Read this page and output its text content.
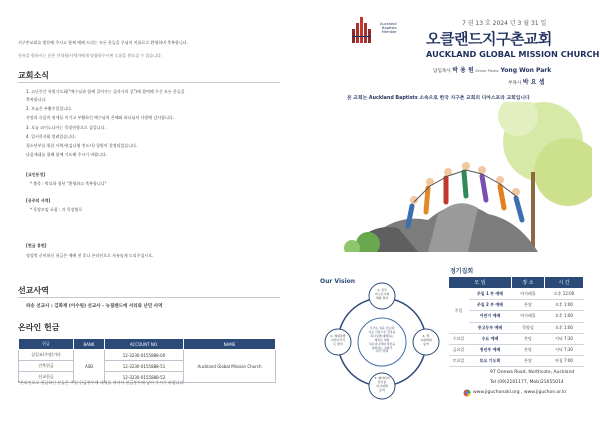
지구촌교회를 방문해 주시고 함께 예배 드리는 모든 분들을 주님의 이름으로 환영하며 축복합니다.
등록을 원하시는 분은 안내원/사역자에게 말씀하주시면 도움을 받으실 수 있습니다.
교회소식
1. 고난주간 특별기도회("예수님과 함께 걸어가는 십자가의 길")에 참여해 주신 모든 분들을
축복합니다.
2. 오늘은 부활주일입니다.
사망과 죽음의 권세를 이기고 부활하신 예수님의 은혜와 하나님의 사랑에 감사합니다.
3. 오늘 코이노니아는 목장연합으로 섬깁니다.
4. 입시목자회 열려있습니다.
청소년부를 위한 사역자(김나영 전도사) 청빙이 결정되었습니다.
다음세대를 위해 함께 기도해 주시기 바랍니다.
[교인동정]
* 출목 : 박요하 청년 "환영하고 축복합니다"
[공주의 사역]
* 목장모임 포함 : 각 목장별로
[헌금 봉헌]
정성껏 준비하신 헌금은 예배 전 후나 온라인으로 자유롭게 드리주십시오.
선교사역
파송 선교사 : 김화재 (이수원) 선교사 - 뉴질랜드에 서리와 난민 사역
온라인 헌금
헌금	BANK	ACCOUNT NO.	NAME
십일조/주정/기타	ASB	12-3230-0155888-00	Auckland Global Mission Church
건축헌금		12-3230-0155888-51	
선교헌금		12-3230-0155888-52	
*온라인으로 헌금하신 분들은 주일 헌금봉투에 내역을 적어서 헌금봉투에 넣어 주시기 바랍니다.
7 권 13 호 2024 년 3 월 31 일
Auckland
Baptists
Member 오클랜드지구촌교회
AUCKLAND GLOBAL MISSION CHURCH
담임목사 박 용 원 Senior Pastor Yong Won Park
부목사 박 요 셉
본 교회는 Auckland Baptists 소속으로 한국 지구촌 교회의 디아스포라 교회입니다
Our Vision
1. 전국
지구촌교회
체험 참여
2. 세대통합
교안다가기
로 참여
4. 열
교회와의
동역
3. 제자되어
헌신을
하기위해
동역
우리는 복음 전도와
이웃 사랑으로 민족을
하나님께 예배하는
제자로 세워
하나님나라의 비전을
실현하는 교회가
되기 위해
정기집회
모 임		장 소	시 간
주일	주일 1 부 예배	아가페홀	오후 12:00
	주일 2 부 예배	본당	오후 1:00
	어린이 예배	아가페홀	오후 1:00
	중고등부 예배	목양실	오후 1:00
수요일	수요 예배	본당	저녁 7:30
금요일	청년부 예배	본당	저녁 7:30
토요일	토요 기도회	본당	아침 7:00
97 Onewa Road, Northcote, Auckland
Tel (09)2161177, Mob)21655014
www.jiguchonakl.org , www.jiguchon.or.kr
